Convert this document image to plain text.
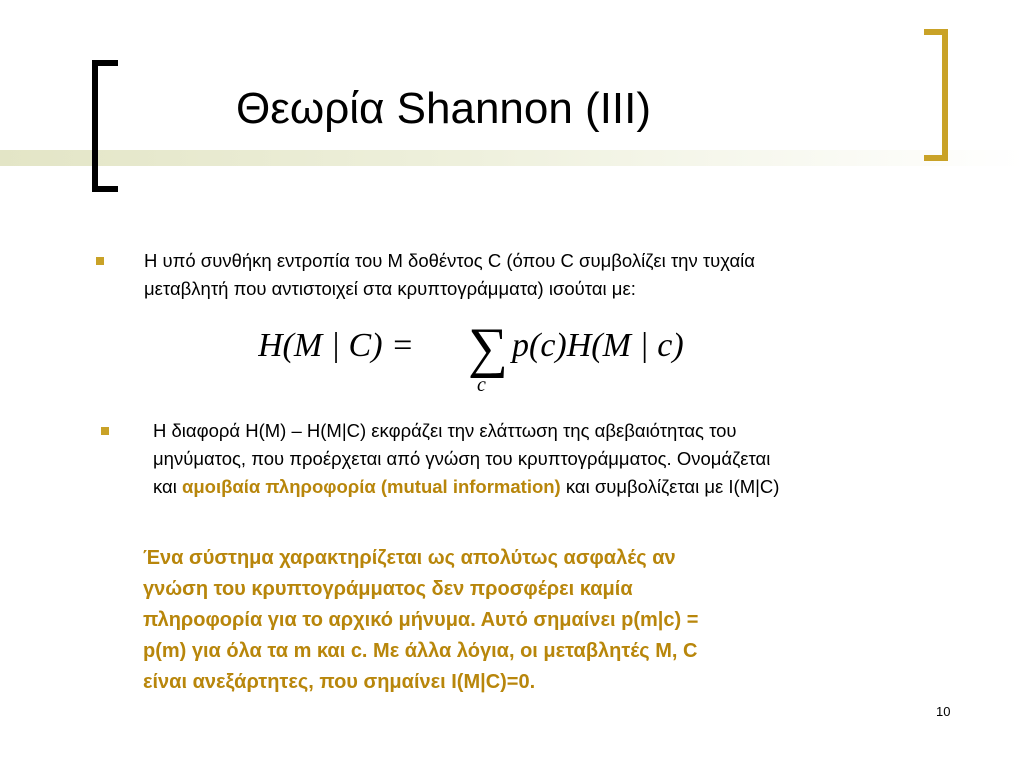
Θεωρία Shannon (III)
Η υπό συνθήκη εντροπία του Μ δοθέντος C (όπου C συμβολίζει την τυχαία
μεταβλητή που αντιστοιχεί στα κρυπτογράμματα) ισούται με:
H(M | C) = ∑
c
p(c)H(M | c)
Η διαφορά Η(Μ) – Η(Μ|C) εκφράζει την ελάττωση της αβεβαιότητας του
μηνύματος, που προέρχεται από γνώση του κρυπτογράμματος. Ονομάζεται
και αμοιβαία πληροφορία (mutual information) και συμβολίζεται με Ι(Μ|C)
Ένα σύστημα χαρακτηρίζεται ως απολύτως ασφαλές αν
γνώση του κρυπτογράμματος δεν προσφέρει καμία
πληροφορία για το αρχικό μήνυμα. Αυτό σημαίνει p(m|c) =
p(m) για όλα τα m και c. Με άλλα λόγια, οι μεταβλητές M, C
είναι ανεξάρτητες, που σημαίνει I(M|C)=0.
10
